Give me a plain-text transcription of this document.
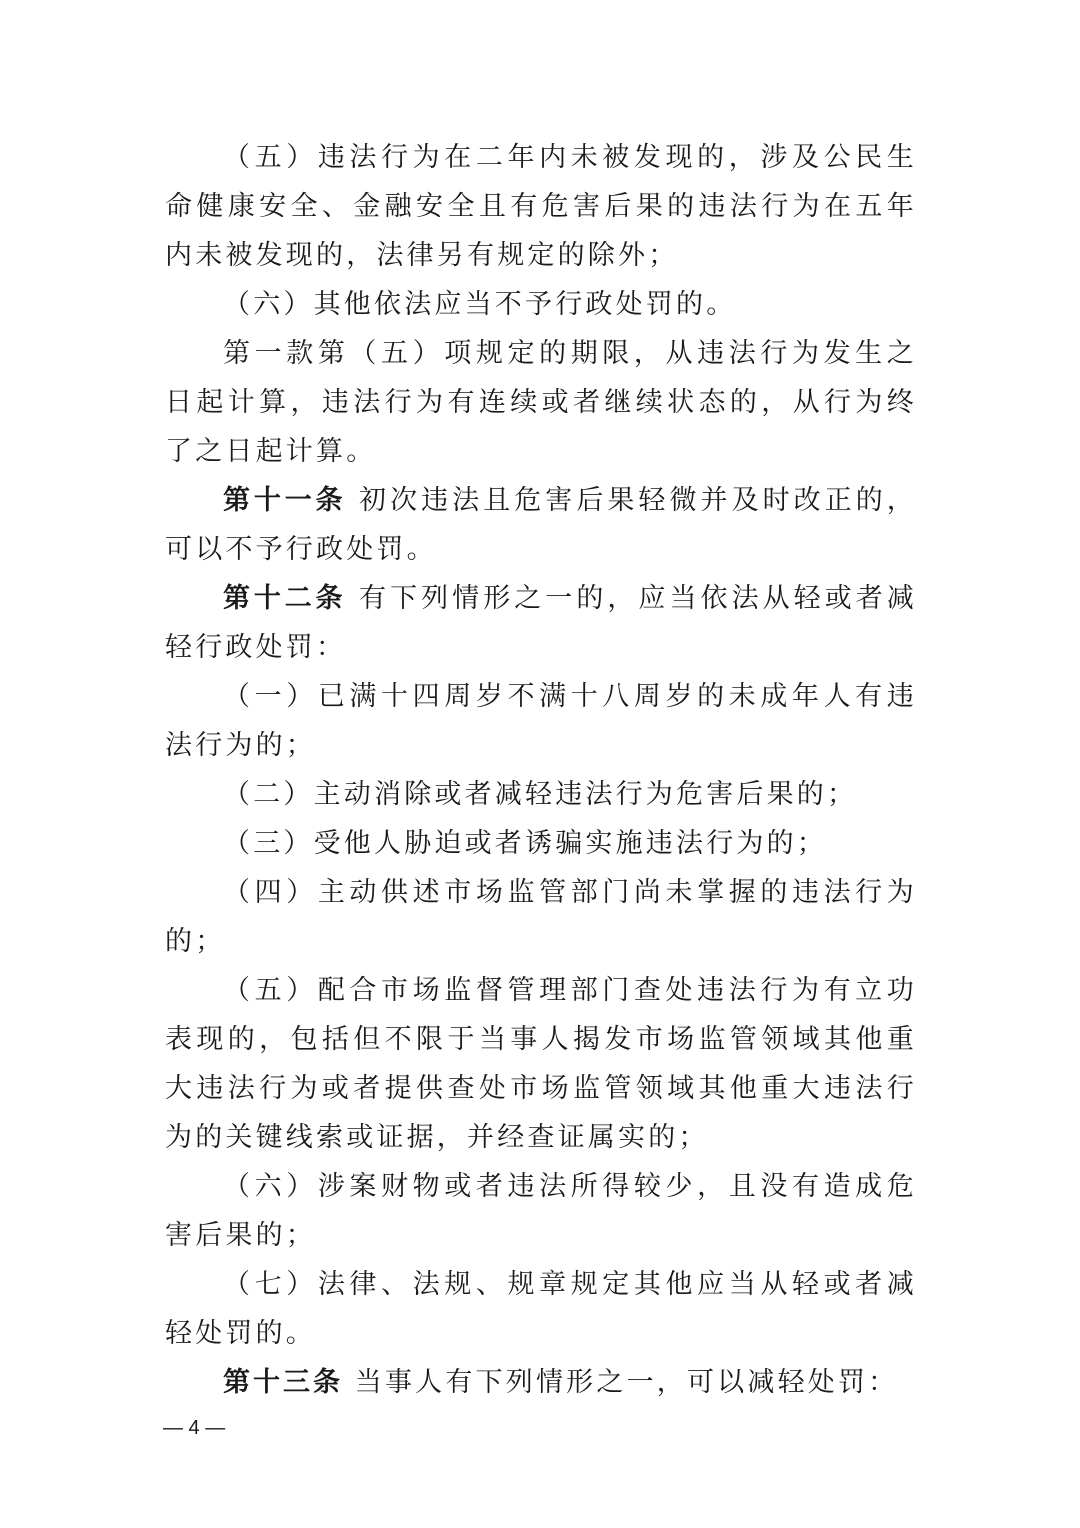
（五）违法行为在二年内未被发现的，涉及公民生命健康安全、金融安全且有危害后果的违法行为在五年内未被发现的，法律另有规定的除外；

（六）其他依法应当不予行政处罚的。

第一款第（五）项规定的期限，从违法行为发生之日起计算，违法行为有连续或者继续状态的，从行为终了之日起计算。

第十一条 初次违法且危害后果轻微并及时改正的，可以不予行政处罚。

第十二条 有下列情形之一的，应当依法从轻或者减轻行政处罚：

（一）已满十四周岁不满十八周岁的未成年人有违法行为的；

（二）主动消除或者减轻违法行为危害后果的；

（三）受他人胁迫或者诱骗实施违法行为的；

（四）主动供述市场监管部门尚未掌握的违法行为的；

（五）配合市场监督管理部门查处违法行为有立功表现的，包括但不限于当事人揭发市场监管领域其他重大违法行为或者提供查处市场监管领域其他重大违法行为的关键线索或证据，并经查证属实的；

（六）涉案财物或者违法所得较少，且没有造成危害后果的；

（七）法律、法规、规章规定其他应当从轻或者减轻处罚的。

第十三条 当事人有下列情形之一，可以减轻处罚：

— 4 —
